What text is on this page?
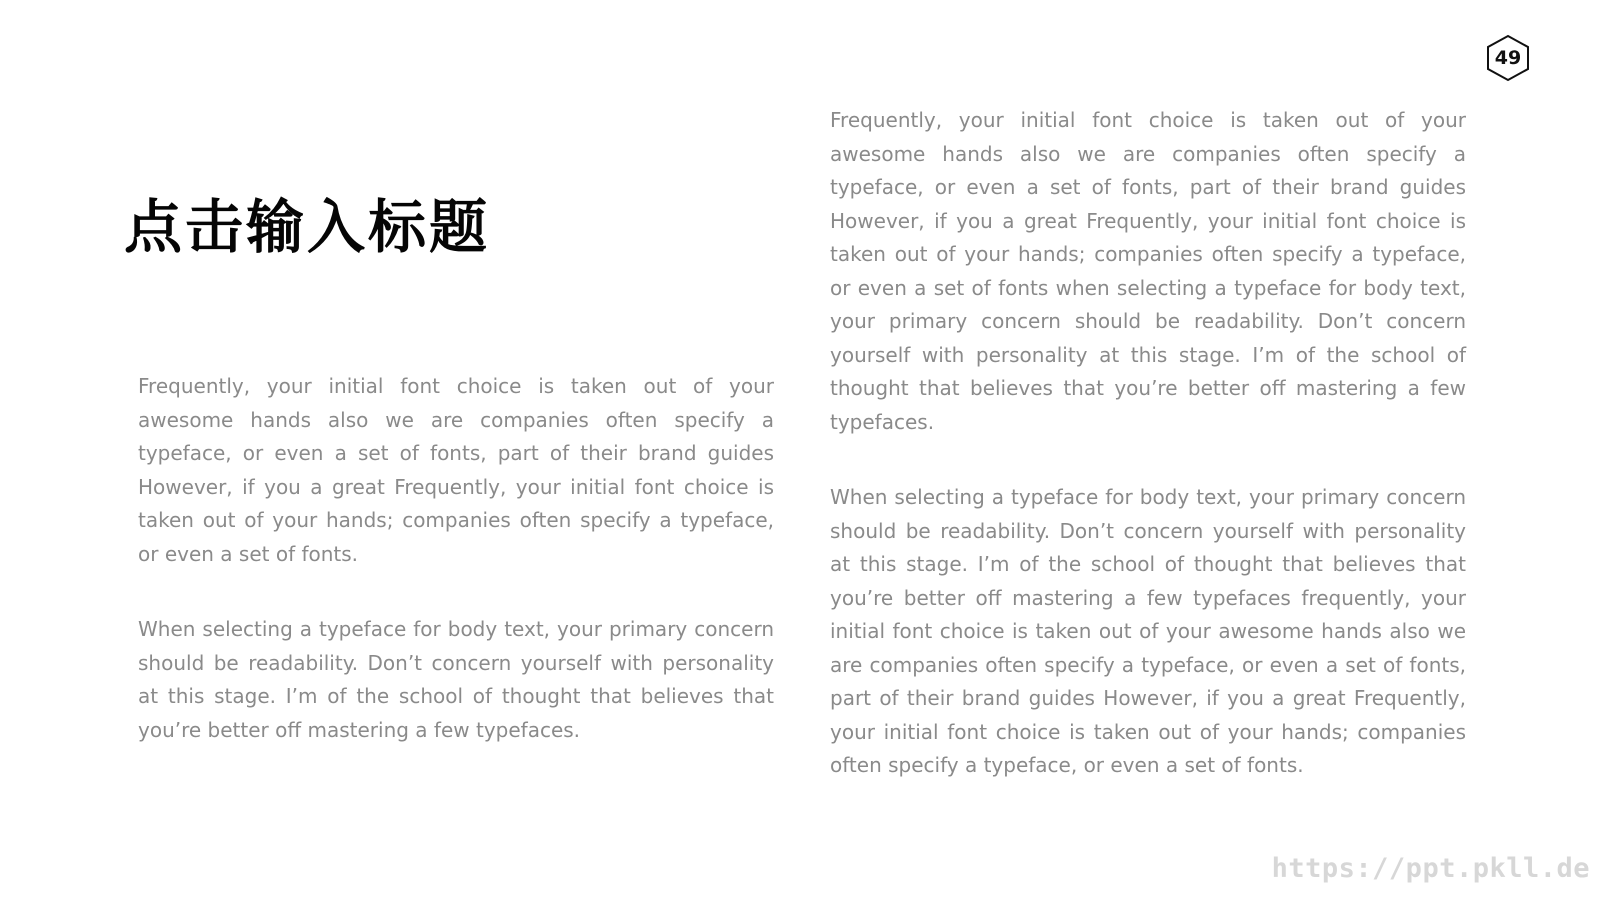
49
点击输入标题

Frequently, your initial font choice is taken out of your awesome hands also we are companies often specify a typeface, or even a set of fonts, part of their brand guides However, if you a great Frequently, your initial font choice is taken out of your hands; companies often specify a typeface, or even a set of fonts.

When selecting a typeface for body text, your primary concern should be readability. Don’t concern yourself with personality at this stage. I’m of the school of thought that believes that you’re better off mastering a few typefaces.

Frequently, your initial font choice is taken out of your awesome hands also we are companies often specify a typeface, or even a set of fonts, part of their brand guides However, if you a great Frequently, your initial font choice is taken out of your hands; companies often specify a typeface, or even a set of fonts when selecting a typeface for body text, your primary concern should be readability. Don’t concern yourself with personality at this stage. I’m of the school of thought that believes that you’re better off mastering a few typefaces.

When selecting a typeface for body text, your primary concern should be readability. Don’t concern yourself with personality at this stage. I’m of the school of thought that believes that you’re better off mastering a few typefaces frequently, your initial font choice is taken out of your awesome hands also we are companies often specify a typeface, or even a set of fonts, part of their brand guides However, if you a great Frequently, your initial font choice is taken out of your hands; companies often specify a typeface, or even a set of fonts.

https://ppt.pkll.de
